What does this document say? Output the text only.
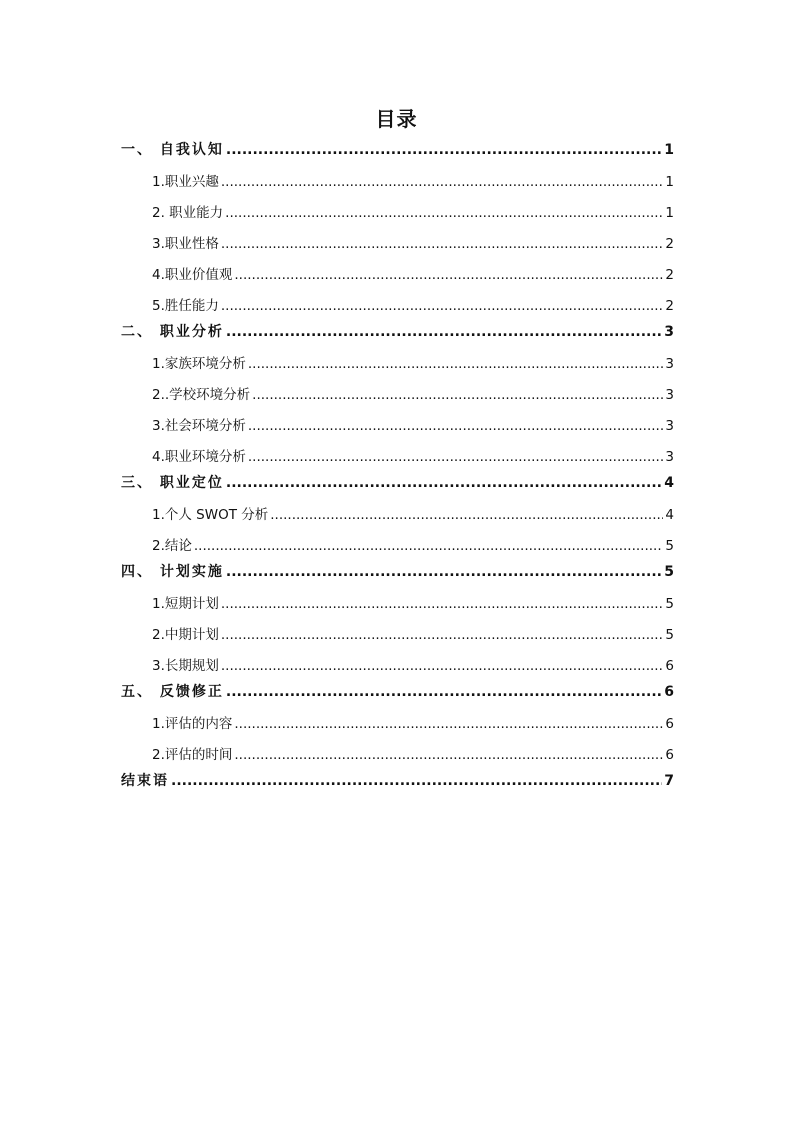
目录
一、 自我认知 .....	1
1.职业兴趣 .....	1
2. 职业能力 .....	1
3.职业性格 .....	2
4.职业价值观 .....	2
5.胜任能力 .....	2
二、 职业分析 .....	3
1.家族环境分析 .....	3
2..学校环境分析 .....	3
3.社会环境分析 .....	3
4.职业环境分析 .....	3
三、 职业定位 .....	4
1.个人 SWOT 分析 .....	4
2.结论 .....	5
四、 计划实施 .....	5
1.短期计划 .....	5
2.中期计划 .....	5
3.长期规划 .....	6
五、 反馈修正 .....	6
1.评估的内容 .....	6
2.评估的时间 .....	6
结束语 .....	7
